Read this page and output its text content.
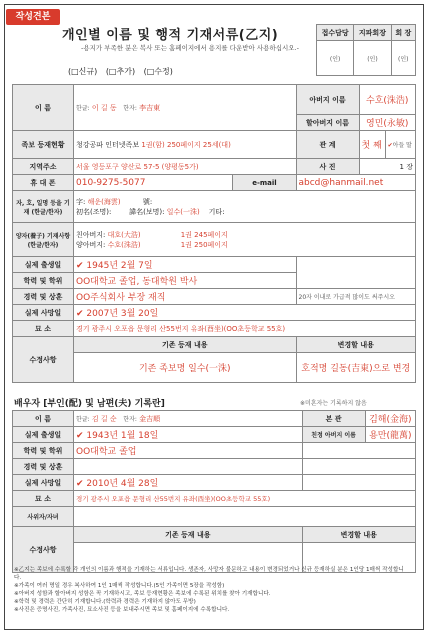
작성견본
개인별 이름 및 행적 기재서류(乙지)
-용지가 부족한 분은 복사 또는 홈페이지에서 용지를 다운받아 사용하십시오.-
(□신규) (□추가) (□수정)
접수담당	지파회장	회 장
(인)	(인)	(인)
이 름	한글: 이 길 동 한자: 李吉東		아버지 이름	수호(洙浩)	
			할아버지 이름	영민(永敏)	
족보 등재현황	청강공파 인터넷족보 1권(함) 250페이지 25세(대)		관 계	첫 째	✔아들 딸
지역주소	서울 영등포구 양산로 57-5 (양평동5가)		사 진	1 장	
휴 대 폰	010-9275-5077	e-mail	abcd@hanmail.net		
자, 호, 일명 등을 기재 (한글/한자)	字: 해운(海雲) 號:
初名(조명): 諱名(보명): 일수(一洙) 기타:				

양자(養子) 기재사항 (한글/한자)	친아버지: 대호(大浩) 1권 245페이지
양아버지: 수호(洙浩) 1권 250페이지				

실제 출생일	✔ 1945년 2월 7일				
학력 및 학위	OO대학교 졸업, 동대학원 박사				
경력 및 상훈	OO주식회사 부장 재직		20자 이내로 가급적 많이도 써주시오		
실제 사망일	✔ 2007년 3월 20일				
묘 소	경기 광주시 오포읍 문형리 산55번지 유좌(酉坐)(OO초등학교 55호)				
수정사항	기존 등재 내용		변경할 내용		
	기존 족보명 일수(一洙)		호적명 길동(吉東)으로 변경		
배우자 [부인(配) 및 남편(夫) 기록란]	※미혼자는 기록하지 않음
이 름	한글: 김 길 순 한자: 金吉順	본 관	김해(金海)
실제 출생일	✔ 1943년 1월 18일	친정 아버지 이름	용만(龍萬)
학력 및 학위	OO대학교 졸업		
경력 및 상훈			
실제 사망일	✔ 2010년 4월 28일		
묘 소	경기 광주시 오포읍 문형리 산55번지 유좌(酉坐)(OO초등학교 55호)		
사위자/자녀			
수정사항	기존 등재 내용	변경할 내용	

※乙지는 족보에 수록할 각 개인의 이름과 행적을 기재하는 서류입니다. 생존자, 사망자 불문하고 내용이 변경되었거나 신규 등재하실 분은 1인당 1매씩 작성합니다.
※가족이 여러 명일 경우 복사하여 1인 1매씩 작성합니다.(5인 가족이면 5장을 작성함)
※아버지 성함과 할아버지 성함은 꼭 기재하시고, 족보 등재현황은 족보에 수록된 위치를 찾아 기재합니다.
※학력 및 경력은 간단히 기재합니다.(학력과 경력은 기재하지 않아도 무방)
※사진은 증명사진, 가족사진, 묘소사진 등을 보내주시면 족보 및 홈페이지에 수록합니다.
